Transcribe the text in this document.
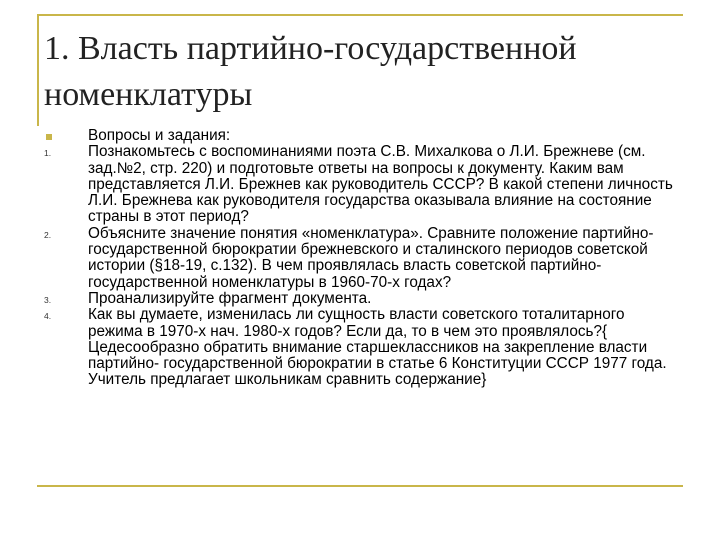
1. Власть партийно-государственной номенклатуры
Вопросы и задания:
1.	Познакомьтесь с воспоминаниями поэта С.В. Михалкова о Л.И. Брежневе (см. зад.№2, стр. 220) и подготовьте ответы на вопросы к документу. Каким вам представляется Л.И. Брежнев как руководитель СССР? В какой степени личность Л.И. Брежнева как руководителя государства оказывала влияние на состояние страны в этот период?
2.	Объясните значение понятия «номенклатура». Сравните положение партийно-государственной бюрократии брежневского и сталинского периодов советской истории (§18-19, с.132). В чем проявлялась власть советской партийно-государственной номенклатуры в 1960-70-х годах?
3.	Проанализируйте фрагмент документа.
4.	Как вы думаете, изменилась ли сущность власти советского тоталитарного режима в 1970-х нач. 1980-х годов? Если да, то в чем это проявлялось?{ Цедесообразно обратить внимание старшеклассников на закрепление власти партийно- государственной бюрократии в статье 6 Конституции СССР 1977 года. Учитель предлагает школьникам сравнить содержание}
